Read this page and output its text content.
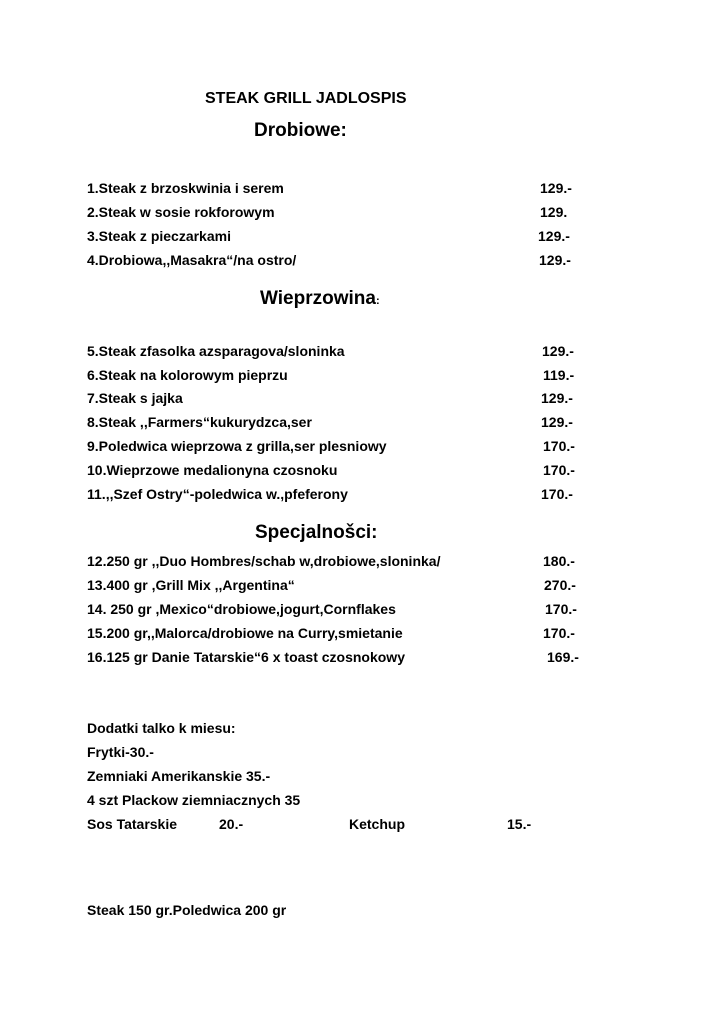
STEAK GRILL JADLOSPIS
Drobiowe:
1.Steak z brzoskwinia i serem	129.-
2.Steak w sosie rokforowym	129.
3.Steak z pieczarkami	129.-
4.Drobiowa,,Masakra“/na ostro/	129.-
Wieprzowina:
5.Steak zfasolka azsparagova/sloninka	129.-
6.Steak na kolorowym pieprzu	119.-
7.Steak s jajka	129.-
8.Steak ,,Farmers“kukurydzca,ser	129.-
9.Poledwica wieprzowa z grilla,ser plesniowy	170.-
10.Wieprzowe medalionyna czosnoku	170.-
11.,,Szef Ostry“-poledwica w.,pfeferony	170.-
Specjalnošci:
12.250 gr ,,Duo Hombres/schab w,drobiowe,sloninka/	180.-
13.400 gr ,Grill Mix ,,Argentina“	270.-
14. 250 gr ,Mexico“drobiowe,jogurt,Cornflakes	170.-
15.200 gr,,Malorca/drobiowe na Curry,smietanie	170.-
16.125 gr Danie Tatarskie“6 x toast czosnokowy	169.-
Dodatki talko k miesu:
Frytki-30.-
Zemniaki Amerikanskie 35.-
4 szt Plackow ziemniacznych 35
Sos Tatarskie	20.-	Ketchup	15.-
Steak 150 gr.Poledwica 200 gr
